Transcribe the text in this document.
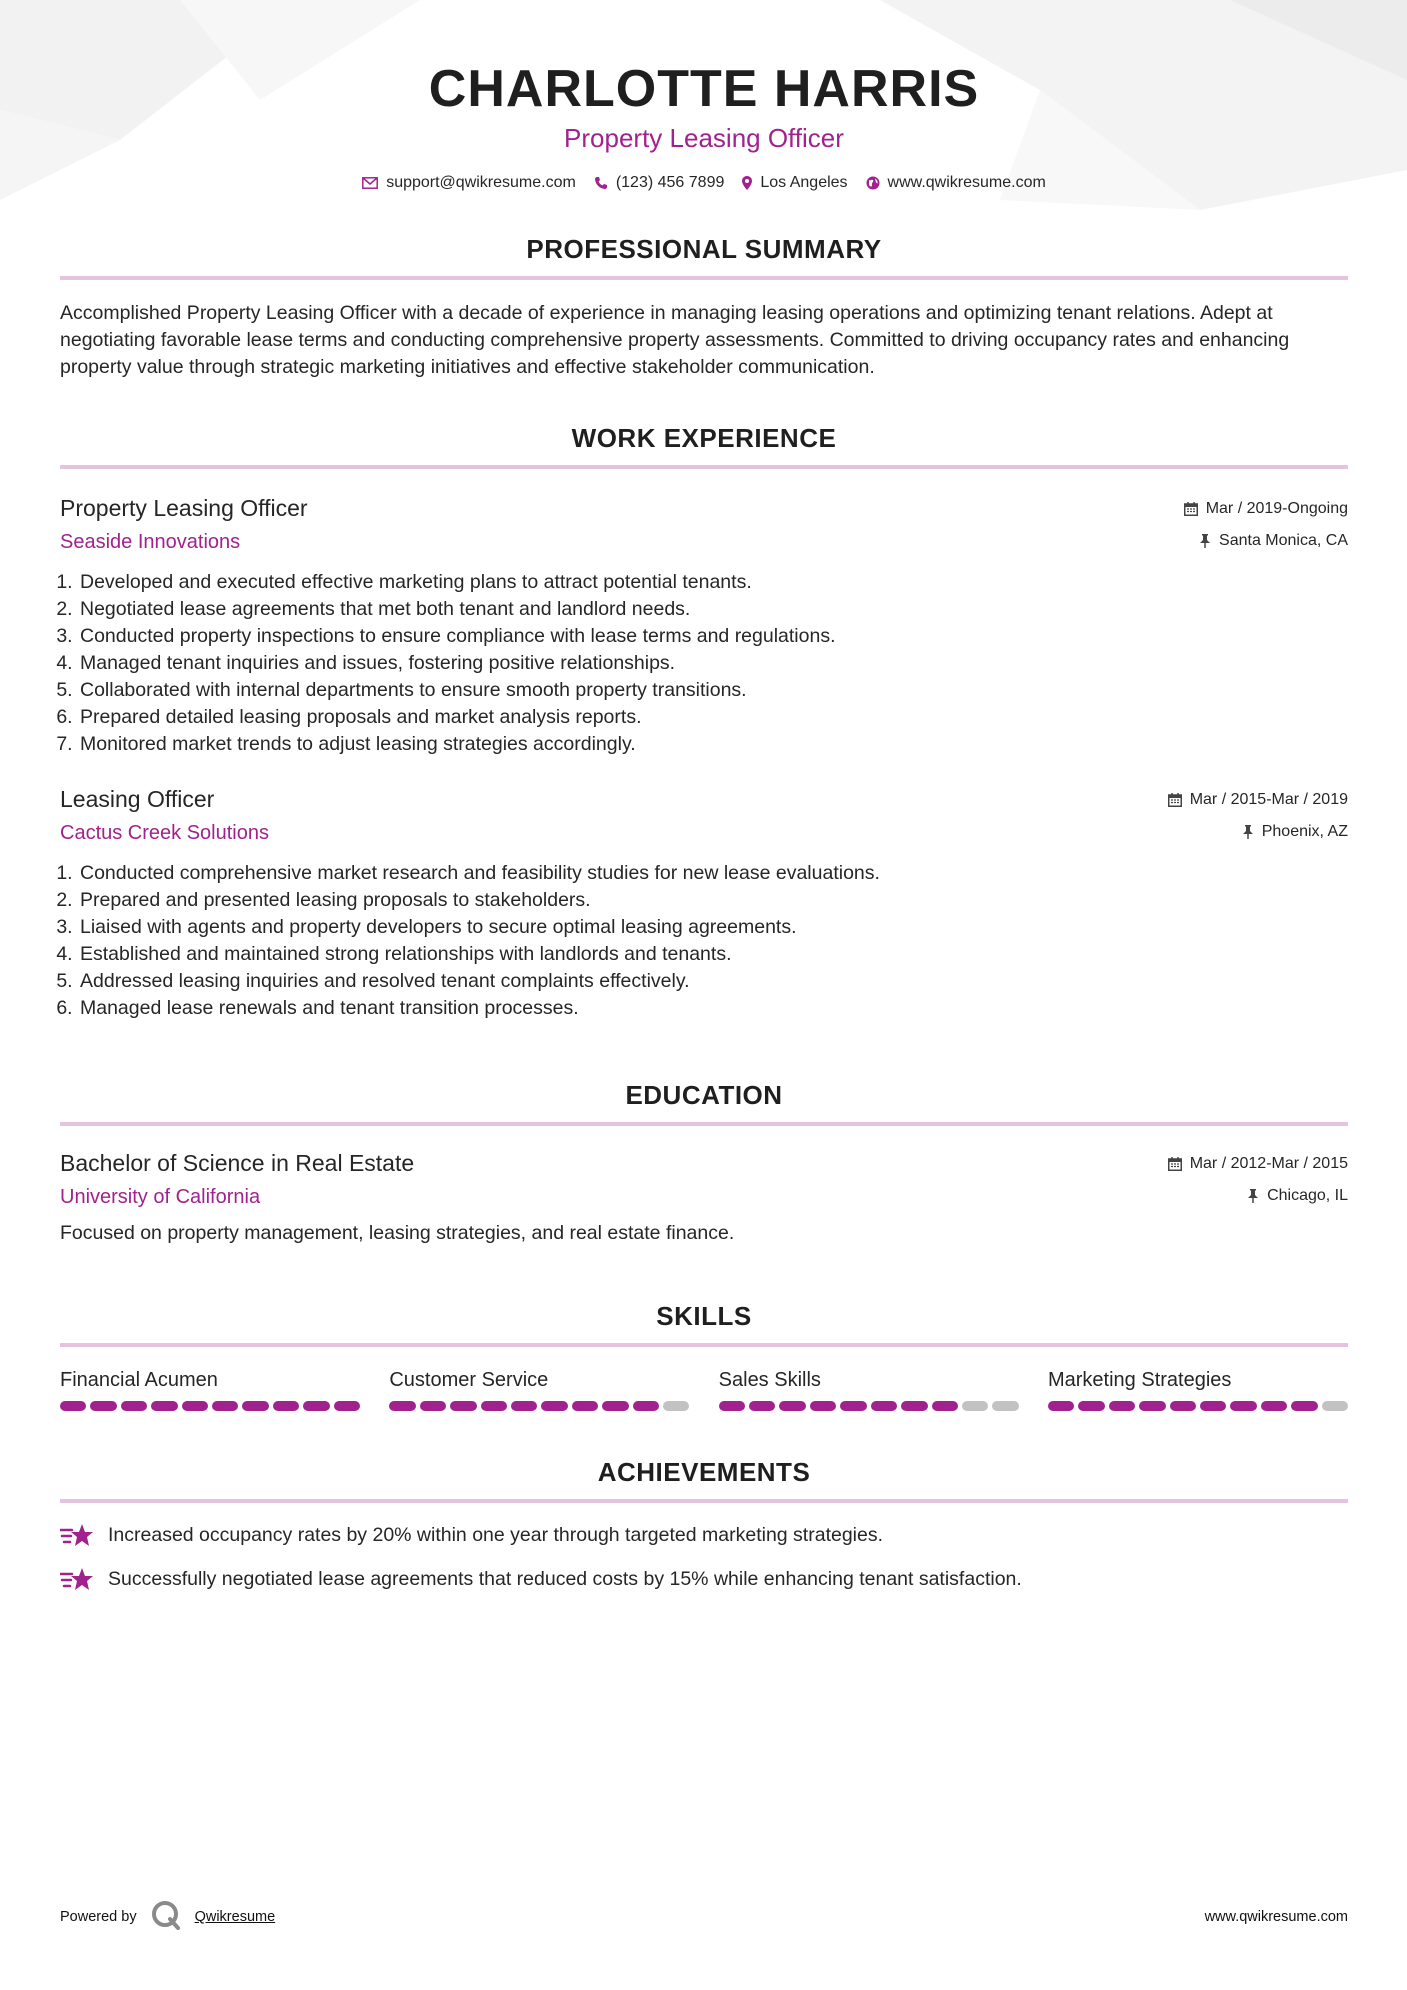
CHARLOTTE HARRIS
Property Leasing Officer
support@qwikresume.com	(123) 456 7899 Los Angeles	www.qwikresume.com
PROFESSIONAL SUMMARY
Accomplished Property Leasing Officer with a decade of experience in managing leasing operations and optimizing tenant relations. Adept at negotiating favorable lease terms and conducting comprehensive property assessments. Committed to driving occupancy rates and enhancing property value through strategic marketing initiatives and effective stakeholder communication.
WORK EXPERIENCE
Property Leasing Officer	Mar / 2019-Ongoing
Seaside Innovations	Santa Monica, CA
1. Developed and executed effective marketing plans to attract potential tenants.
2. Negotiated lease agreements that met both tenant and landlord needs.
3. Conducted property inspections to ensure compliance with lease terms and regulations.
4. Managed tenant inquiries and issues, fostering positive relationships.
5. Collaborated with internal departments to ensure smooth property transitions.
6. Prepared detailed leasing proposals and market analysis reports.
7. Monitored market trends to adjust leasing strategies accordingly.
Leasing Officer	Mar / 2015-Mar / 2019
Cactus Creek Solutions	Phoenix, AZ
1. Conducted comprehensive market research and feasibility studies for new lease evaluations.
2. Prepared and presented leasing proposals to stakeholders.
3. Liaised with agents and property developers to secure optimal leasing agreements.
4. Established and maintained strong relationships with landlords and tenants.
5. Addressed leasing inquiries and resolved tenant complaints effectively.
6. Managed lease renewals and tenant transition processes.
EDUCATION
Bachelor of Science in Real Estate	Mar / 2012-Mar / 2015
University of California	Chicago, IL
Focused on property management, leasing strategies, and real estate finance.
SKILLS
Financial Acumen	Customer Service	Sales Skills	Marketing Strategies
ACHIEVEMENTS
Increased occupancy rates by 20% within one year through targeted marketing strategies.
Successfully negotiated lease agreements that reduced costs by 15% while enhancing tenant satisfaction.
Powered by	Qwikresume	www.qwikresume.com
